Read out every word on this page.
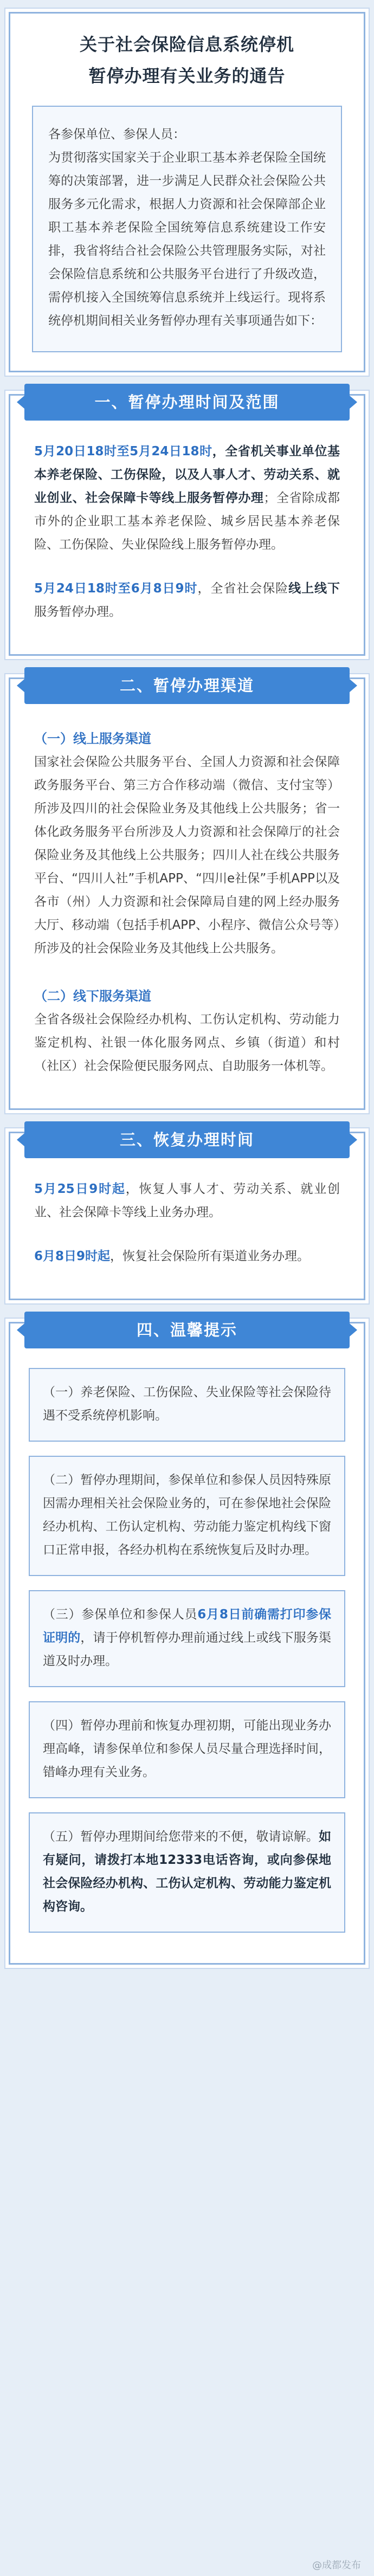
关于社会保险信息系统停机
暂停办理有关业务的通告
各参保单位、参保人员：
为贯彻落实国家关于企业职工基本养老保险全国统筹的决策部署，进一步满足人民群众社会保险公共服务多元化需求，根据人力资源和社会保障部企业职工基本养老保险全国统筹信息系统建设工作安排，我省将结合社会保险公共管理服务实际，对社会保险信息系统和公共服务平台进行了升级改造，需停机接入全国统筹信息系统并上线运行。现将系统停机期间相关业务暂停办理有关事项通告如下：
一、暂停办理时间及范围
5月20日18时至5月24日18时，全省机关事业单位基本养老保险、工伤保险，以及人事人才、劳动关系、就业创业、社会保障卡等线上服务暂停办理；全省除成都市外的企业职工基本养老保险、城乡居民基本养老保险、工伤保险、失业保险线上服务暂停办理。
5月24日18时至6月8日9时，全省社会保险线上线下服务暂停办理。
二、暂停办理渠道
（一）线上服务渠道
国家社会保险公共服务平台、全国人力资源和社会保障政务服务平台、第三方合作移动端（微信、支付宝等）所涉及四川的社会保险业务及其他线上公共服务；省一体化政务服务平台所涉及人力资源和社会保障厅的社会保险业务及其他线上公共服务；四川人社在线公共服务平台、“四川人社”手机APP、“四川e社保”手机APP以及各市（州）人力资源和社会保障局自建的网上经办服务大厅、移动端（包括手机APP、小程序、微信公众号等）所涉及的社会保险业务及其他线上公共服务。
（二）线下服务渠道
全省各级社会保险经办机构、工伤认定机构、劳动能力鉴定机构、社银一体化服务网点、乡镇（街道）和村（社区）社会保险便民服务网点、自助服务一体机等。
三、恢复办理时间
5月25日9时起，恢复人事人才、劳动关系、就业创业、社会保障卡等线上业务办理。
6月8日9时起，恢复社会保险所有渠道业务办理。
四、温馨提示
（一）养老保险、工伤保险、失业保险等社会保险待遇不受系统停机影响。
（二）暂停办理期间，参保单位和参保人员因特殊原因需办理相关社会保险业务的，可在参保地社会保险经办机构、工伤认定机构、劳动能力鉴定机构线下窗口正常申报，各经办机构在系统恢复后及时办理。
（三）参保单位和参保人员6月8日前确需打印参保证明的，请于停机暂停办理前通过线上或线下服务渠道及时办理。
（四）暂停办理前和恢复办理初期，可能出现业务办理高峰，请参保单位和参保人员尽量合理选择时间，错峰办理有关业务。
（五）暂停办理期间给您带来的不便，敬请谅解。如有疑问，请拨打本地12333电话咨询，或向参保地社会保险经办机构、工伤认定机构、劳动能力鉴定机构咨询。
@成都发布
